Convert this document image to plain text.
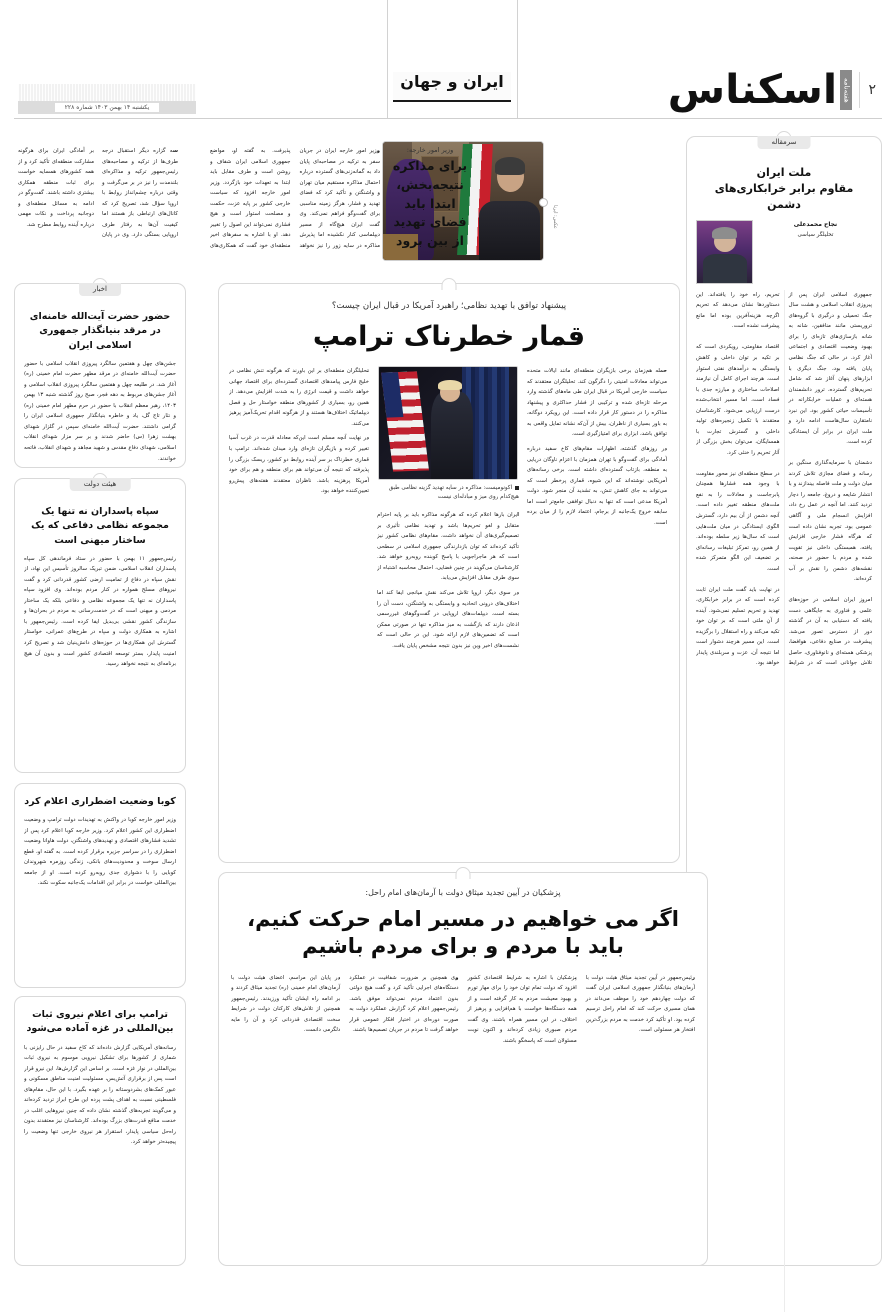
۲
هفته‌نامه
اسکناس
ایران و جهان
یکشنبه ۱۴ بهمن ۱۴۰۳ شماره ۲۲۸
عکس: ایرنا
وزیر امور خارجه:
برای مذاکره نتیجه‌بخش، ابتدا باید فضای تهدید از بین برود

وزیر امور خارجه ایران در جریان سفر به ترکیه در مصاحبه‌ای پایان داد به گمانه‌زنی‌های گسترده درباره احتمال مذاکره مستقیم میان تهران و واشنگتن و تأکید کرد که فضای تهدید و فشار، هرگز زمینه مناسبی برای گفت‌وگو فراهم نمی‌کند. وی گفت ایران هیچ‌گاه از مسیر دیپلماسی کنار نکشیده اما پذیرش مذاکره در سایه زور را نیز نخواهد پذیرفت. به گفته او، مواضع جمهوری اسلامی ایران شفاف و روشن است و طرف مقابل باید ابتدا به تعهدات خود بازگردد. وزیر امور خارجه افزود که سیاست خارجی کشور بر پایه عزت، حکمت و مصلحت استوار است و هیچ فشاری نمی‌تواند این اصول را تغییر دهد. او با اشاره به سفرهای اخیر منطقه‌ای خود گفت که همکاری‌های

سه گزاره دیگر استقبال درجه طرف‌ها از ترکیه و مصاحبه‌های رئیس‌جمهور ترکیه و مذاکره‌ای بلندمدت را نیز در بر می‌گرفت و وقتی درباره چشم‌انداز روابط با اروپا سؤال شد، تصریح کرد که کانال‌های ارتباطی باز هستند اما کیفیت آن‌ها به رفتار طرف اروپایی بستگی دارد. وی در پایان بر آمادگی ایران برای هرگونه مشارکت منطقه‌ای تأکید کرد و از همه کشورهای همسایه خواست برای ثبات منطقه همکاری بیشتری داشته باشند. گفت‌وگو در ادامه به مسائل منطقه‌ای و دوجانبه پرداخت و نکات مهمی درباره آینده روابط مطرح شد.

سرمقاله
ملت ایران
مقاوم برابر خرابکاری‌های دشمن
نجاح محمدعلی
تحلیلگر سیاسی
جمهوری اسلامی ایران پس از پیروزی انقلاب اسلامی و هشت سال جنگ تحمیلی و درگیری با گروه‌های تروریستی مانند منافقین، شانه به شانه بازسازی‌های تازه‌ای را برای بهبود وضعیت اقتصادی و اجتماعی آغاز کرد. در حالی که جنگ نظامی پایان یافته بود، جنگ دیگری با ابزارهای پنهان آغاز شد که شامل تحریم‌های گسترده، ترور دانشمندان هسته‌ای و عملیات خرابکارانه در تأسیسات حیاتی کشور بود. این نبرد نامتقارن سال‌هاست ادامه دارد و ملت ایران در برابر آن ایستادگی کرده است.

دشمنان با سرمایه‌گذاری سنگین بر رسانه و فضای مجازی تلاش کردند میان دولت و ملت فاصله بیندازند و با انتشار شایعه و دروغ، جامعه را دچار تردید کنند. اما آنچه در عمل رخ داد، افزایش انسجام ملی و آگاهی عمومی بود. تجربه نشان داده است که هرگاه فشار خارجی افزایش یافته، همبستگی داخلی نیز تقویت شده و مردم با حضور در صحنه، نقشه‌های دشمن را نقش بر آب کرده‌اند.

امروز ایران اسلامی در حوزه‌های علمی و فناوری به جایگاهی دست یافته که دستیابی به آن در گذشته دور از دسترس تصور می‌شد. پیشرفت در صنایع دفاعی، هوافضا، پزشکی هسته‌ای و نانوفناوری، حاصل تلاش جوانانی است که در شرایط تحریم، راه خود را یافته‌اند. این دستاوردها نشان می‌دهد که تحریم اگرچه هزینه‌آفرین بوده اما مانع پیشرفت نشده است.

اقتصاد مقاومتی، رویکردی است که بر تکیه بر توان داخلی و کاهش وابستگی به درآمدهای نفتی استوار است. هرچند اجرای کامل آن نیازمند اصلاحات ساختاری و مبارزه جدی با فساد است، اما مسیر انتخاب‌شده درست ارزیابی می‌شود. کارشناسان معتقدند با تکمیل زنجیره‌های تولید داخلی و گسترش تجارت با همسایگان، می‌توان بخش بزرگی از آثار تحریم را خنثی کرد.

در سطح منطقه‌ای نیز محور مقاومت با وجود همه فشارها همچنان پابرجاست و معادلات را به نفع ملت‌های منطقه تغییر داده است. آنچه دشمن از آن بیم دارد، گسترش الگوی ایستادگی در میان ملت‌هایی است که سال‌ها زیر سلطه بوده‌اند. از همین رو، تمرکز تبلیغات رسانه‌ای بر تضعیف این الگو متمرکز شده است.

در نهایت باید گفت ملت ایران ثابت کرده است که در برابر خرابکاری، تهدید و تحریم تسلیم نمی‌شود. آینده از آنِ ملتی است که بر توان خود تکیه می‌کند و راه استقلال را برگزیده است. این مسیر هرچند دشوار است اما نتیجه آن، عزت و سربلندی پایدار خواهد بود.

پیشنهاد توافق با تهدید نظامی؛ راهبرد آمریکا در قبال ایران چیست؟

قمار خطرناک ترامپ
اکونومیست: مذاکره در سایه تهدید گزینه نظامی طبق هیچ‌کدام روی میز و مبادله‌ای نیست

حمله هم‌زمان برخی بازیگران منطقه‌ای مانند ایالات متحده می‌تواند معادلات امنیتی را دگرگون کند. تحلیلگران معتقدند که سیاست خارجی آمریکا در قبال ایران طی ماه‌های گذشته وارد مرحله تازه‌ای شده و ترکیبی از فشار حداکثری و پیشنهاد مذاکره را در دستور کار قرار داده است. این رویکرد دوگانه، به باور بسیاری از ناظران، بیش از آن‌که نشانه تمایل واقعی به توافق باشد، ابزاری برای امتیازگیری است.

در روزهای گذشته، اظهارات مقام‌های کاخ سفید درباره آمادگی برای گفت‌وگو با تهران همزمان با اعزام ناوگان دریایی به منطقه، بازتاب گسترده‌ای داشته است. برخی رسانه‌های آمریکایی نوشته‌اند که این شیوه، قماری پرخطر است که می‌تواند به جای کاهش تنش، به تشدید آن منجر شود. دولت آمریکا مدعی است که تنها به دنبال توافقی جامع‌تر است اما سابقه خروج یک‌جانبه از برجام، اعتماد لازم را از میان برده است.

ایران بارها اعلام کرده که هرگونه مذاکره باید بر پایه احترام متقابل و لغو تحریم‌ها باشد و تهدید نظامی تأثیری بر تصمیم‌گیری‌های آن نخواهد داشت. مقام‌های نظامی کشور نیز تأکید کرده‌اند که توان بازدارندگی جمهوری اسلامی در سطحی است که هر ماجراجویی با پاسخ کوبنده روبه‌رو خواهد شد. کارشناسان می‌گویند در چنین فضایی، احتمال محاسبه اشتباه از سوی طرف مقابل افزایش می‌یابد.

در سوی دیگر، اروپا تلاش می‌کند نقش میانجی ایفا کند اما اختلاف‌های درونی اتحادیه و وابستگی به واشنگتن، دست آن را بسته است. دیپلمات‌های اروپایی در گفت‌وگوهای غیررسمی اذعان دارند که بازگشت به میز مذاکره تنها در صورتی ممکن است که تضمین‌های لازم ارائه شود. این در حالی است که نشست‌های اخیر وین نیز بدون نتیجه مشخص پایان یافت.

تحلیلگران منطقه‌ای بر این باورند که هرگونه تنش نظامی در خلیج فارس پیامدهای اقتصادی گسترده‌ای برای اقتصاد جهانی خواهد داشت و قیمت انرژی را به شدت افزایش می‌دهد. از همین رو، بسیاری از کشورهای منطقه خواستار حل و فصل دیپلماتیک اختلاف‌ها هستند و از هرگونه اقدام تحریک‌آمیز پرهیز می‌کنند.

در نهایت آنچه مسلم است این‌که معادله قدرت در غرب آسیا تغییر کرده و بازیگران تازه‌ای وارد میدان شده‌اند. ترامپ با قماری خطرناک بر سر آینده روابط دو کشور، ریسک بزرگی را پذیرفته که نتیجه آن می‌تواند هم برای منطقه و هم برای خود آمریکا پرهزینه باشد. ناظران معتقدند هفته‌های پیش‌رو تعیین‌کننده خواهد بود.

پزشکیان در آیین تجدید میثاق دولت با آرمان‌های امام راحل:

اگر می خواهیم در مسیر امام حرکت کنیم، باید با مردم و برای مردم باشیم

رئیس‌جمهور در آیین تجدید میثاق هیئت دولت با آرمان‌های بنیانگذار جمهوری اسلامی ایران گفت که دولت چهاردهم خود را موظف می‌داند در همان مسیری حرکت کند که امام راحل ترسیم کرده بود. او تأکید کرد خدمت به مردم بزرگ‌ترین افتخار هر مسئولی است.

پزشکیان با اشاره به شرایط اقتصادی کشور افزود که دولت تمام توان خود را برای مهار تورم و بهبود معیشت مردم به کار گرفته است و از همه دستگاه‌ها خواست با هم‌افزایی و پرهیز از اختلاف، در این مسیر همراه باشند. وی گفت مردم صبوری زیادی کرده‌اند و اکنون نوبت مسئولان است که پاسخگو باشند.

وی همچنین بر ضرورت شفافیت در عملکرد دستگاه‌های اجرایی تأکید کرد و گفت هیچ دولتی بدون اعتماد مردم نمی‌تواند موفق باشد. رئیس‌جمهور اعلام کرد گزارش عملکرد دولت به صورت دوره‌ای در اختیار افکار عمومی قرار خواهد گرفت تا مردم در جریان تصمیم‌ها باشند.

در پایان این مراسم، اعضای هیئت دولت با آرمان‌های امام خمینی (ره) تجدید میثاق کردند و بر ادامه راه ایشان تأکید ورزیدند. رئیس‌جمهور همچنین از تلاش‌های کارکنان دولت در شرایط سخت اقتصادی قدردانی کرد و آن را مایه دلگرمی دانست.

اخبار
حضور حضرت آیت‌الله خامنه‌ای در مرقد بنیانگذار جمهوری اسلامی ایران
جشن‌های چهل و هفتمین سالگرد پیروزی انقلاب اسلامی با حضور حضرت آیت‌الله خامنه‌ای در مرقد مطهر حضرت امام خمینی (ره) آغاز شد. در طلیعه چهل و هفتمین سالگرد پیروزی انقلاب اسلامی و آغاز جشن‌های مربوط به دهه فجر، صبح روز گذشته ‌شنبه ۱۳ بهمن ۱۴۰۳، رهبر معظم انقلاب با حضور در حرم مطهر امام خمینی (ره) و نثار تاج گل، یاد و خاطره بنیانگذار جمهوری اسلامی ایران را گرامی داشتند. حضرت آیت‌الله خامنه‌ای سپس در گلزار شهدای بهشت زهرا (س) حاضر شدند و بر سر مزار شهدای انقلاب اسلامی، شهدای دفاع مقدس و شهید مجاهد و شهدای انقلاب، فاتحه خواندند.
هیئت دولت
سپاه پاسداران نه تنها یک مجموعه نظامی دفاعی که یک ساختار میهنی است
رئیس‌جمهور ۱۱ بهمن با حضور در ستاد فرماندهی کل سپاه پاسداران انقلاب اسلامی، ضمن تبریک سالروز تأسیس این نهاد، از نقش سپاه در دفاع از تمامیت ارضی کشور قدردانی کرد و گفت نیروهای مسلح همواره در کنار مردم بوده‌اند. وی افزود سپاه پاسداران نه تنها یک مجموعه نظامی و دفاعی بلکه یک ساختار مردمی و میهنی است که در خدمت‌رسانی به مردم در بحران‌ها و سازندگی کشور نقشی بی‌بدیل ایفا کرده است. رئیس‌جمهور با اشاره به همکاری دولت و سپاه در طرح‌های عمرانی، خواستار گسترش این همکاری‌ها در حوزه‌های دانش‌بنیان شد و تصریح کرد امنیت پایدار، بستر توسعه اقتصادی کشور است و بدون آن هیچ برنامه‌ای به نتیجه نخواهد رسید.
کوبا وضعیت اضطراری اعلام کرد
وزیر امور خارجه کوبا در واکنش به تهدیدات دولت ترامپ و وضعیت اضطراری این کشور اعلام کرد. وزیر خارجه کوبا اعلام کرد پس از تشدید فشارهای اقتصادی و تهدیدهای واشنگتن، دولت هاوانا وضعیت اضطراری را در سراسر جزیره برقرار کرده است. به گفته او، قطع ارسال سوخت و محدودیت‌های بانکی، زندگی روزمره شهروندان کوبایی را با دشواری جدی روبه‌رو کرده است. او از جامعه بین‌المللی خواست در برابر این اقدامات یک‌جانبه سکوت نکند.
ترامپ برای اعلام نیروی ثبات بین‌المللی در غزه آماده می‌شود
رسانه‌های آمریکایی گزارش داده‌اند که کاخ سفید در حال رایزنی با شماری از کشورها برای تشکیل نیرویی موسوم به نیروی ثبات بین‌المللی در نوار غزه است. بر اساس این گزارش‌ها، این نیرو قرار است پس از برقراری آتش‌بس، مسئولیت امنیت مناطق مسکونی و عبور کمک‌های بشردوستانه را بر عهده بگیرد. با این حال، مقام‌های فلسطینی نسبت به اهداف پشت پرده این طرح ابراز تردید کرده‌اند و می‌گویند تجربه‌های گذشته نشان داده که چنین نیروهایی اغلب در خدمت منافع قدرت‌های بزرگ بوده‌اند. کارشناسان نیز معتقدند بدون راه‌حل سیاسی پایدار، استقرار هر نیروی خارجی تنها وضعیت را پیچیده‌تر خواهد کرد.
